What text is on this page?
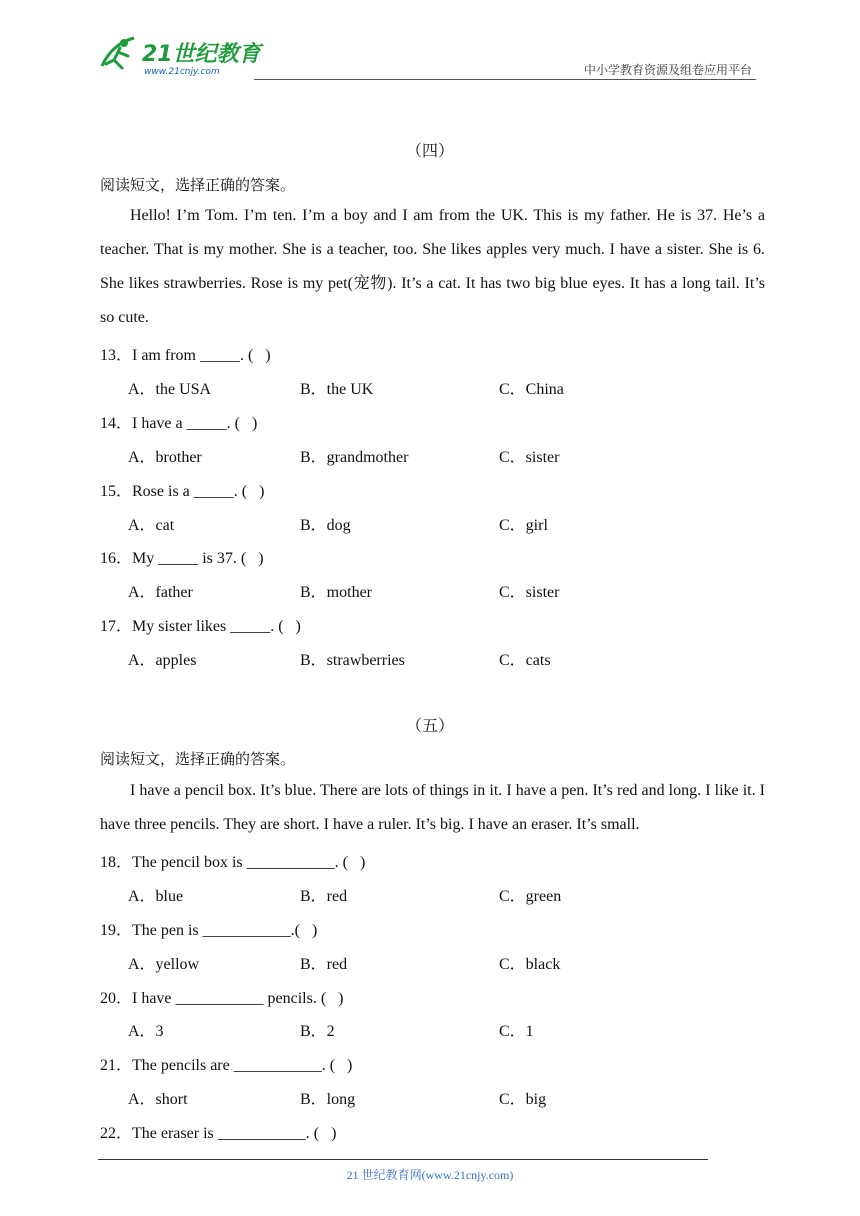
21世纪教育
www.21cnjy.com	中小学教育资源及组卷应用平台
（四）
阅读短文，选择正确的答案。

Hello! I’m Tom. I’m ten. I’m a boy and I am from the UK. This is my father. He is 37. He’s a teacher. That is my mother. She is a teacher, too. She likes apples very much. I have a sister. She is 6. She likes strawberries. Rose is my pet(宠物). It’s a cat. It has two big blue eyes. It has a long tail. It’s so cute.

13．I am from _____. (   )
A．the USA	B．the UK	C．China
14．I have a _____. (   )
A．brother	B．grandmother	C．sister
15．Rose is a _____. (   )
A．cat	B．dog	C．girl
16．My _____ is 37. (   )
A．father	B．mother	C．sister
17．My sister likes _____. (   )
A．apples	B．strawberries	C．cats
（五）
阅读短文，选择正确的答案。

I have a pencil box. It’s blue. There are lots of things in it. I have a pen. It’s red and long. I like it. I have three pencils. They are short. I have a ruler. It’s big. I have an eraser. It’s small.

18．The pencil box is ___________. (   )
A．blue	B．red	C．green
19．The pen is ___________.(   )
A．yellow	B．red	C．black
20．I have ___________ pencils. (   )
A．3	B．2	C．1
21．The pencils are ___________. (   )
A．short	B．long	C．big
22．The eraser is ___________. (   )
21 世纪教育网(www.21cnjy.com)
